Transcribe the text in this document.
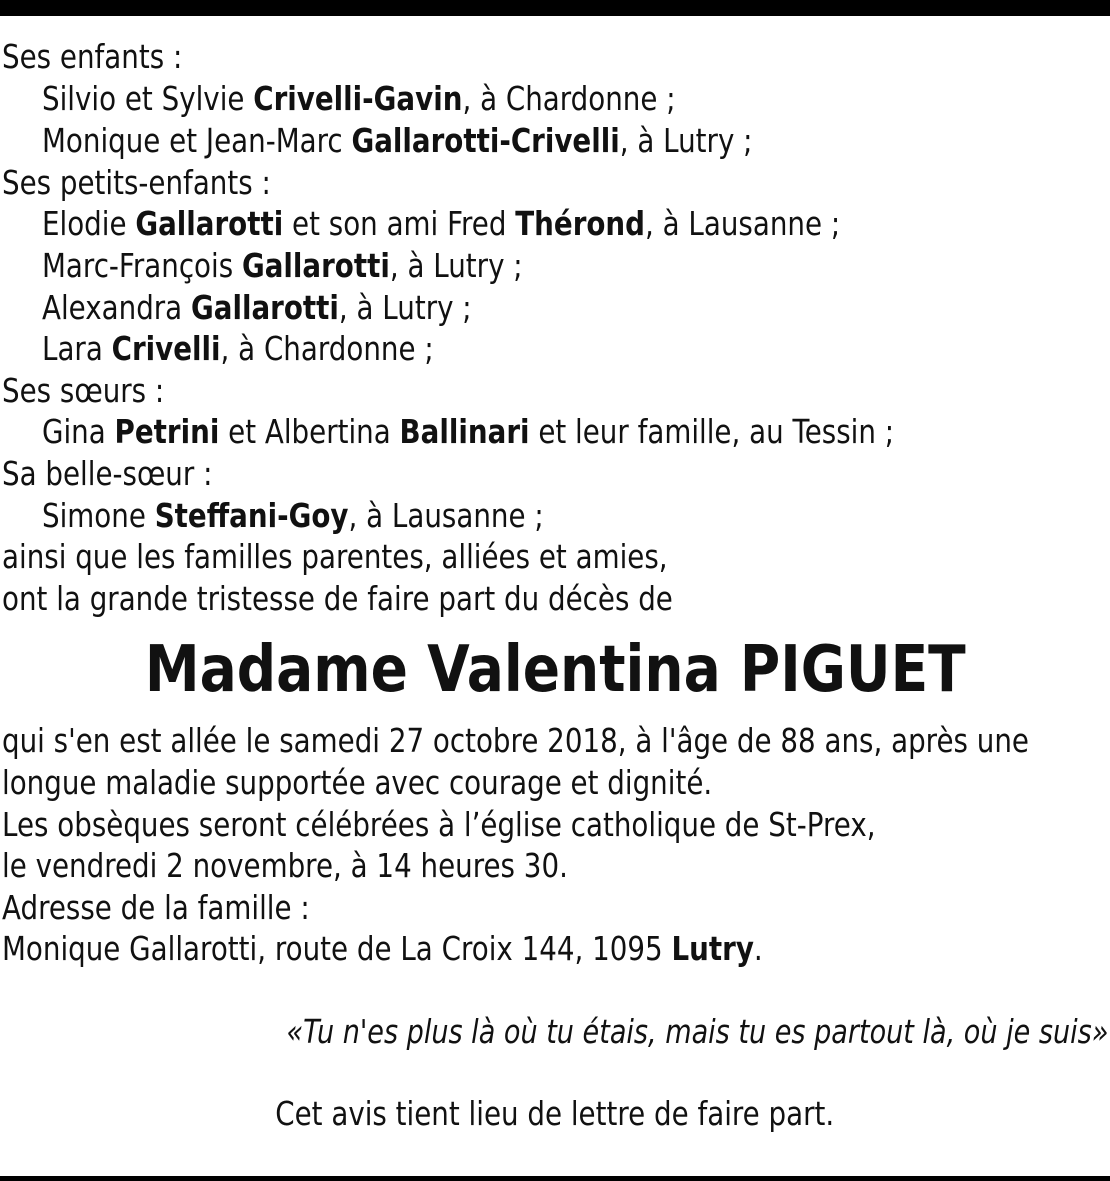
Ses enfants :
Silvio et Sylvie Crivelli-Gavin, à Chardonne ;
Monique et Jean-Marc Gallarotti-Crivelli, à Lutry ;
Ses petits-enfants :
Elodie Gallarotti et son ami Fred Thérond, à Lausanne ;
Marc-François Gallarotti, à Lutry ;
Alexandra Gallarotti, à Lutry ;
Lara Crivelli, à Chardonne ;
Ses sœurs :
Gina Petrini et Albertina Ballinari et leur famille, au Tessin ;
Sa belle-sœur :
Simone Steffani-Goy, à Lausanne ;
ainsi que les familles parentes, alliées et amies,
ont la grande tristesse de faire part du décès de
Madame Valentina PIGUET
qui s'en est allée le samedi 27 octobre 2018, à l'âge de 88 ans, après une
longue maladie supportée avec courage et dignité.
Les obsèques seront célébrées à l’église catholique de St-Prex,
le vendredi 2 novembre, à 14 heures 30.
Adresse de la famille :
Monique Gallarotti, route de La Croix 144, 1095 Lutry.
«Tu n'es plus là où tu étais, mais tu es partout là, où je suis»
Cet avis tient lieu de lettre de faire part.
